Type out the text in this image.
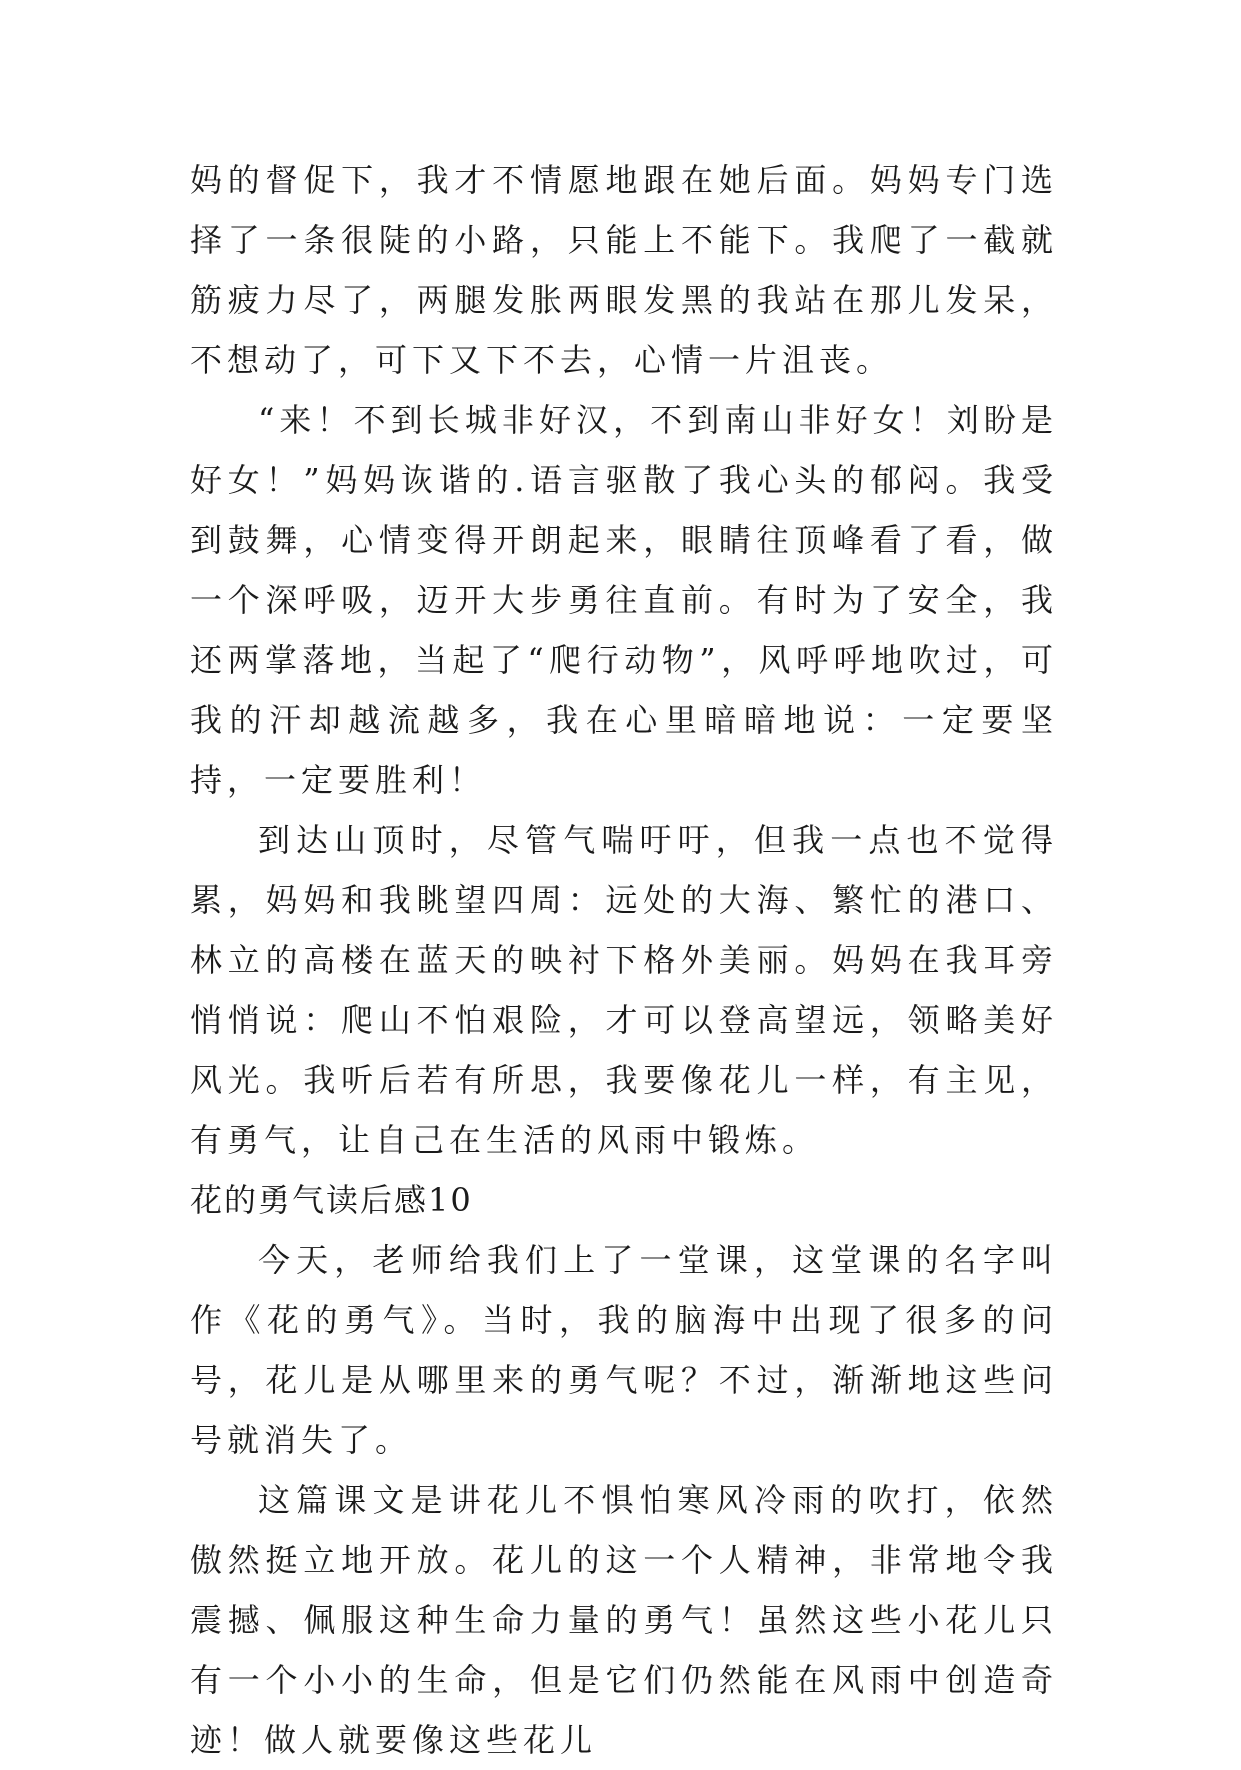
妈的督促下，我才不情愿地跟在她后面。妈妈专门选择了一条很陡的小路，只能上不能下。我爬了一截就筋疲力尽了，两腿发胀两眼发黑的我站在那儿发呆，不想动了，可下又下不去，心情一片沮丧。

“来！不到长城非好汉，不到南山非好女！刘盼是好女！”妈妈诙谐的.语言驱散了我心头的郁闷。我受到鼓舞，心情变得开朗起来，眼睛往顶峰看了看，做一个深呼吸，迈开大步勇往直前。有时为了安全，我还两掌落地，当起了“爬行动物”，风呼呼地吹过，可我的汗却越流越多，我在心里暗暗地说：一定要坚持，一定要胜利！

到达山顶时，尽管气喘吁吁，但我一点也不觉得累，妈妈和我眺望四周：远处的大海、繁忙的港口、林立的高楼在蓝天的映衬下格外美丽。妈妈在我耳旁悄悄说：爬山不怕艰险，才可以登高望远，领略美好风光。我听后若有所思，我要像花儿一样，有主见，有勇气，让自己在生活的风雨中锻炼。

花的勇气读后感10

今天，老师给我们上了一堂课，这堂课的名字叫作《花的勇气》。当时，我的脑海中出现了很多的问号，花儿是从哪里来的勇气呢？不过，渐渐地这些问号就消失了。

这篇课文是讲花儿不惧怕寒风冷雨的吹打，依然傲然挺立地开放。花儿的这一个人精神，非常地令我震撼、佩服这种生命力量的勇气！虽然这些小花儿只有一个小小的生命，但是它们仍然能在风雨中创造奇迹！做人就要像这些花儿
